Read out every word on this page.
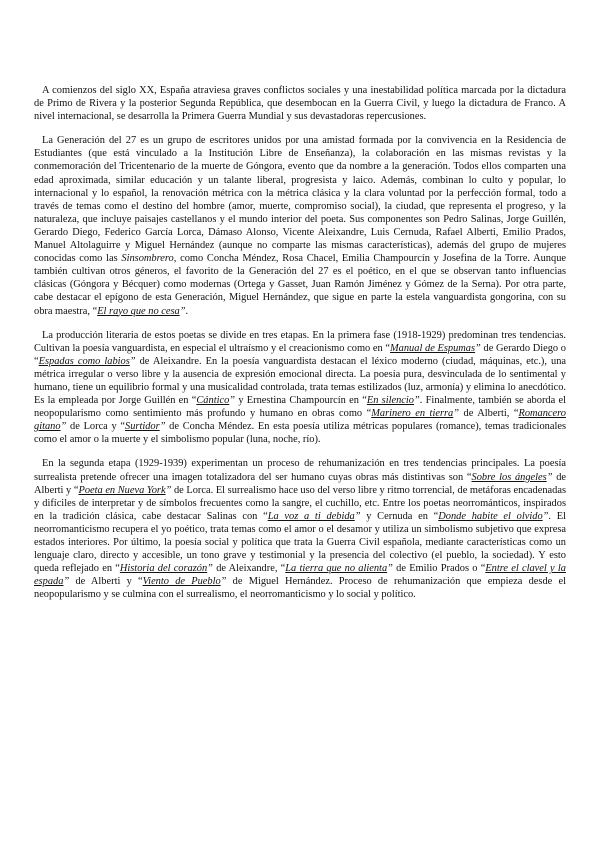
A comienzos del siglo XX, España atraviesa graves conflictos sociales y una inestabilidad política marcada por la dictadura de Primo de Rivera y la posterior Segunda República, que desembocan en la Guerra Civil, y luego la dictadura de Franco. A nivel internacional, se desarrolla la Primera Guerra Mundial y sus devastadoras repercusiones.

La Generación del 27 es un grupo de escritores unidos por una amistad formada por la convivencia en la Residencia de Estudiantes (que está vinculado a la Institución Libre de Enseñanza), la colaboración en las mismas revistas y la conmemoración del Tricentenario de la muerte de Góngora, evento que da nombre a la generación. Todos ellos comparten una edad aproximada, similar educación y un talante liberal, progresista y laico. Además, combinan lo culto y popular, lo internacional y lo español, la renovación métrica con la métrica clásica y la clara voluntad por la perfección formal, todo a través de temas como el destino del hombre (amor, muerte, compromiso social), la ciudad, que representa el progreso, y la naturaleza, que incluye paisajes castellanos y el mundo interior del poeta. Sus componentes son Pedro Salinas, Jorge Guillén, Gerardo Diego, Federico García Lorca, Dámaso Alonso, Vicente Aleixandre, Luis Cernuda, Rafael Alberti, Emilio Prados, Manuel Altolaguirre y Miguel Hernández (aunque no comparte las mismas características), además del grupo de mujeres conocidas como las Sinsombrero, como Concha Méndez, Rosa Chacel, Emilia Champourcín y Josefina de la Torre. Aunque también cultivan otros géneros, el favorito de la Generación del 27 es el poético, en el que se observan tanto influencias clásicas (Góngora y Bécquer) como modernas (Ortega y Gasset, Juan Ramón Jiménez y Gómez de la Serna). Por otra parte, cabe destacar el epígono de esta Generación, Miguel Hernández, que sigue en parte la estela vanguardista gongorina, con su obra maestra, “El rayo que no cesa”.

La producción literaria de estos poetas se divide en tres etapas. En la primera fase (1918-1929) predominan tres tendencias. Cultivan la poesía vanguardista, en especial el ultraísmo y el creacionismo como en “Manual de Espumas” de Gerardo Diego o “Espadas como labios” de Aleixandre. En la poesía vanguardista destacan el léxico moderno (ciudad, máquinas, etc.), una métrica irregular o verso libre y la ausencia de expresión emocional directa. La poesía pura, desvinculada de lo sentimental y humano, tiene un equilibrio formal y una musicalidad controlada, trata temas estilizados (luz, armonía) y elimina lo anecdótico. Es la empleada por Jorge Guillén en “Cántico” y Ernestina Champourcín en “En silencio”. Finalmente, también se aborda el neopopularismo como sentimiento más profundo y humano en obras como “Marinero en tierra” de Alberti, “Romancero gitano” de Lorca y “Surtidor” de Concha Méndez. En esta poesía utiliza métricas populares (romance), temas tradicionales como el amor o la muerte y el simbolismo popular (luna, noche, río).

En la segunda etapa (1929-1939) experimentan un proceso de rehumanización en tres tendencias principales. La poesía surrealista pretende ofrecer una imagen totalizadora del ser humano cuyas obras más distintivas son “Sobre los ángeles” de Alberti y “Poeta en Nueva York” de Lorca. El surrealismo hace uso del verso libre y ritmo torrencial, de metáforas encadenadas y difíciles de interpretar y de símbolos frecuentes como la sangre, el cuchillo, etc. Entre los poetas neorrománticos, inspirados en la tradición clásica, cabe destacar Salinas con “La voz a ti debida” y Cernuda en “Donde habite el olvido”. El neorromanticismo recupera el yo poético, trata temas como el amor o el desamor y utiliza un simbolismo subjetivo que expresa estados interiores. Por último, la poesía social y política que trata la Guerra Civil española, mediante características como un lenguaje claro, directo y accesible, un tono grave y testimonial y la presencia del colectivo (el pueblo, la sociedad). Y esto queda reflejado en “Historia del corazón” de Aleixandre, “La tierra que no alienta” de Emilio Prados o “Entre el clavel y la espada” de Alberti y “Viento de Pueblo” de Miguel Hernández. Proceso de rehumanización que empieza desde el neopopularismo y se culmina con el surrealismo, el neorromanticismo y lo social y político.
